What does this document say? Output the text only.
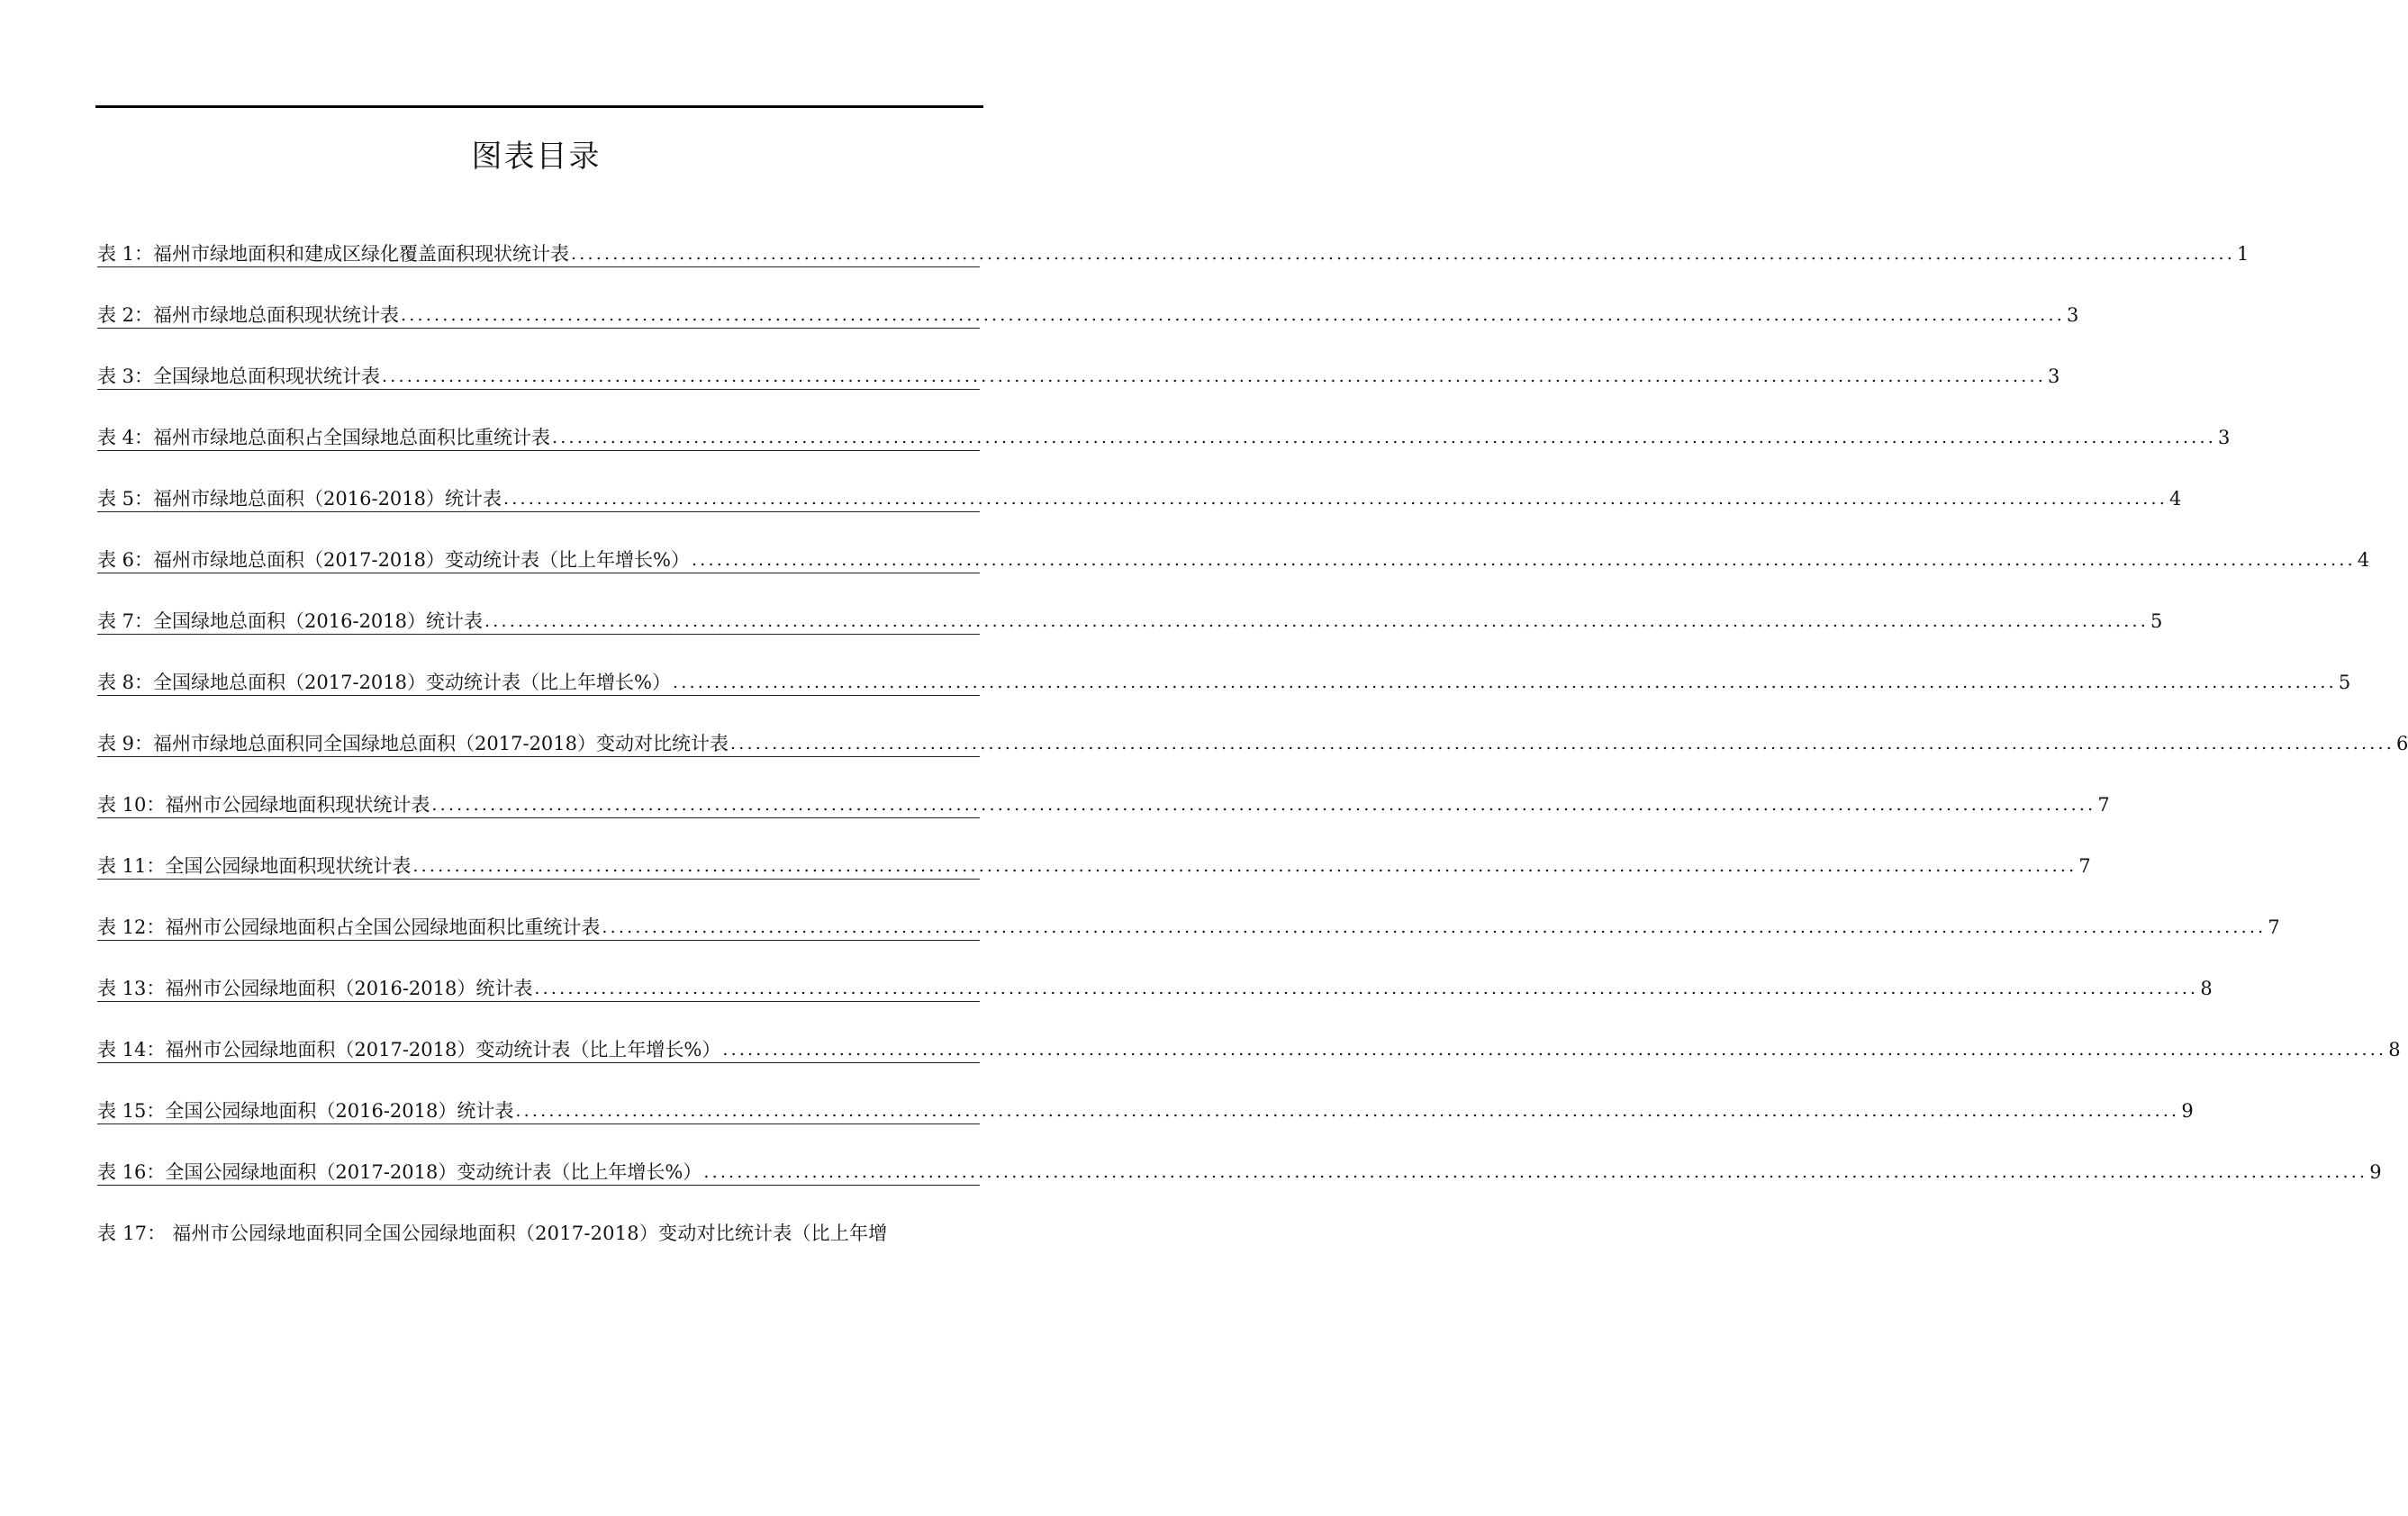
图表目录
表 1：福州市绿地面积和建成区绿化覆盖面积现状统计表 ........................................................................................................................................................................................................ 1
表 2：福州市绿地总面积现状统计表 ........................................................................................................................................................................................................ 3
表 3：全国绿地总面积现状统计表 ........................................................................................................................................................................................................ 3
表 4：福州市绿地总面积占全国绿地总面积比重统计表 ........................................................................................................................................................................................................ 3
表 5：福州市绿地总面积（2016-2018）统计表 ........................................................................................................................................................................................................ 4
表 6：福州市绿地总面积（2017-2018）变动统计表（比上年增长%） ........................................................................................................................................................................................................ 4
表 7：全国绿地总面积（2016-2018）统计表 ........................................................................................................................................................................................................ 5
表 8：全国绿地总面积（2017-2018）变动统计表（比上年增长%） ........................................................................................................................................................................................................ 5
表 9：福州市绿地总面积同全国绿地总面积（2017-2018）变动对比统计表 ........................................................................................................................................................................................................ 6
表 10：福州市公园绿地面积现状统计表 ........................................................................................................................................................................................................ 7
表 11：全国公园绿地面积现状统计表 ........................................................................................................................................................................................................ 7
表 12：福州市公园绿地面积占全国公园绿地面积比重统计表 ........................................................................................................................................................................................................ 7
表 13：福州市公园绿地面积（2016-2018）统计表 ........................................................................................................................................................................................................ 8
表 14：福州市公园绿地面积（2017-2018）变动统计表（比上年增长%） ........................................................................................................................................................................................................ 8
表 15：全国公园绿地面积（2016-2018）统计表 ........................................................................................................................................................................................................ 9
表 16：全国公园绿地面积（2017-2018）变动统计表（比上年增长%） ........................................................................................................................................................................................................ 9
表 17： 福州市公园绿地面积同全国公园绿地面积（2017-2018）变动对比统计表（比上年增
